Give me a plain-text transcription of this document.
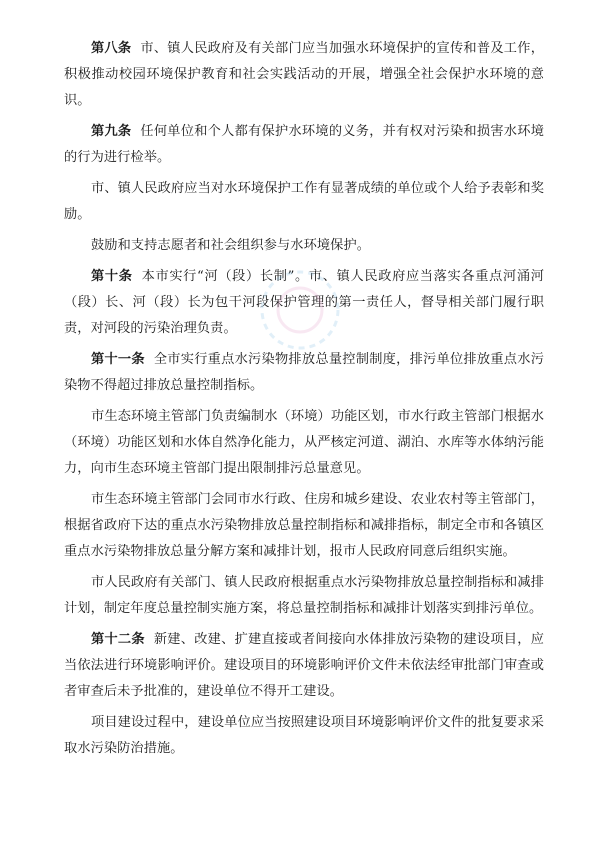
第八条 市、镇人民政府及有关部门应当加强水环境保护的宣传和普及工作，积极推动校园环境保护教育和社会实践活动的开展，增强全社会保护水环境的意识。

第九条 任何单位和个人都有保护水环境的义务，并有权对污染和损害水环境的行为进行检举。

市、镇人民政府应当对水环境保护工作有显著成绩的单位或个人给予表彰和奖励。

鼓励和支持志愿者和社会组织参与水环境保护。

第十条 本市实行“河（段）长制”。市、镇人民政府应当落实各重点河涌河（段）长、河（段）长为包干河段保护管理的第一责任人，督导相关部门履行职责，对河段的污染治理负责。

第十一条 全市实行重点水污染物排放总量控制制度，排污单位排放重点水污染物不得超过排放总量控制指标。

市生态环境主管部门负责编制水（环境）功能区划，市水行政主管部门根据水（环境）功能区划和水体自然净化能力，从严核定河道、湖泊、水库等水体纳污能力，向市生态环境主管部门提出限制排污总量意见。

市生态环境主管部门会同市水行政、住房和城乡建设、农业农村等主管部门，根据省政府下达的重点水污染物排放总量控制指标和减排指标，制定全市和各镇区重点水污染物排放总量分解方案和减排计划，报市人民政府同意后组织实施。

市人民政府有关部门、镇人民政府根据重点水污染物排放总量控制指标和减排计划，制定年度总量控制实施方案，将总量控制指标和减排计划落实到排污单位。

第十二条 新建、改建、扩建直接或者间接向水体排放污染物的建设项目，应当依法进行环境影响评价。建设项目的环境影响评价文件未依法经审批部门审查或者审查后未予批准的，建设单位不得开工建设。

项目建设过程中，建设单位应当按照建设项目环境影响评价文件的批复要求采取水污染防治措施。
